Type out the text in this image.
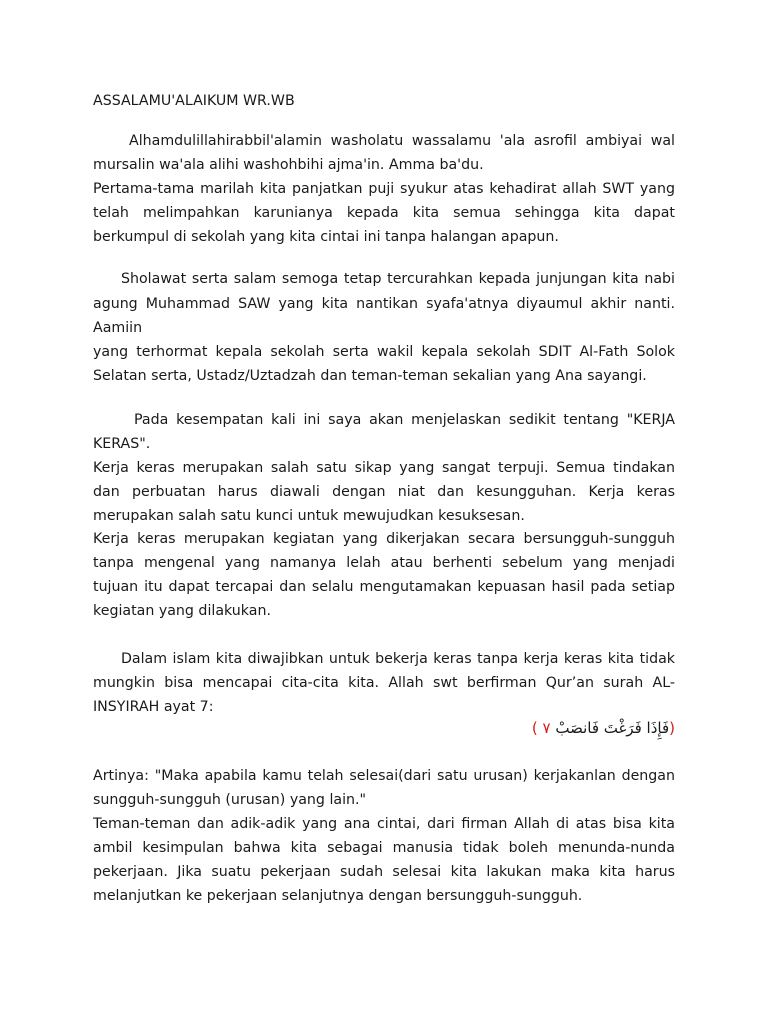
ASSALAMU'ALAIKUM WR.WB
Alhamdulillahirabbil'alamin washolatu wassalamu 'ala asrofil ambiyai wal
mursalin wa'ala alihi washohbihi ajma'in. Amma ba'du.
Pertama-tama marilah kita panjatkan puji syukur atas kehadirat allah SWT yang
telah melimpahkan karunianya kepada kita semua sehingga kita dapat
berkumpul di sekolah yang kita cintai ini tanpa halangan apapun.
Sholawat serta salam semoga tetap tercurahkan kepada junjungan kita nabi
agung Muhammad SAW yang kita nantikan syafa'atnya diyaumul akhir nanti.
Aamiin
yang terhormat kepala sekolah serta wakil kepala sekolah SDIT Al-Fath Solok
Selatan serta, Ustadz/Uztadzah dan teman-teman sekalian yang Ana sayangi.
Pada kesempatan kali ini saya akan menjelaskan sedikit tentang "KERJA
KERAS".
Kerja keras merupakan salah satu sikap yang sangat terpuji. Semua tindakan
dan perbuatan harus diawali dengan niat dan kesungguhan. Kerja keras
merupakan salah satu kunci untuk mewujudkan kesuksesan.
Kerja keras merupakan kegiatan yang dikerjakan secara bersungguh-sungguh
tanpa mengenal yang namanya lelah atau berhenti sebelum yang menjadi
tujuan itu dapat tercapai dan selalu mengutamakan kepuasan hasil pada setiap
kegiatan yang dilakukan.
Dalam islam kita diwajibkan untuk bekerja keras tanpa kerja keras kita tidak
mungkin bisa mencapai cita-cita kita. Allah swt berfirman Qur’an surah AL-
INSYIRAH ayat 7:
(فَإِذَا فَرَغْتَ فَانصَبْ ٧ )
Artinya: "Maka apabila kamu telah selesai(dari satu urusan) kerjakanlan dengan
sungguh-sungguh (urusan) yang lain."
Teman-teman dan adik-adik yang ana cintai, dari firman Allah di atas bisa kita
ambil kesimpulan bahwa kita sebagai manusia tidak boleh menunda-nunda
pekerjaan. Jika suatu pekerjaan sudah selesai kita lakukan maka kita harus
melanjutkan ke pekerjaan selanjutnya dengan bersungguh-sungguh.
